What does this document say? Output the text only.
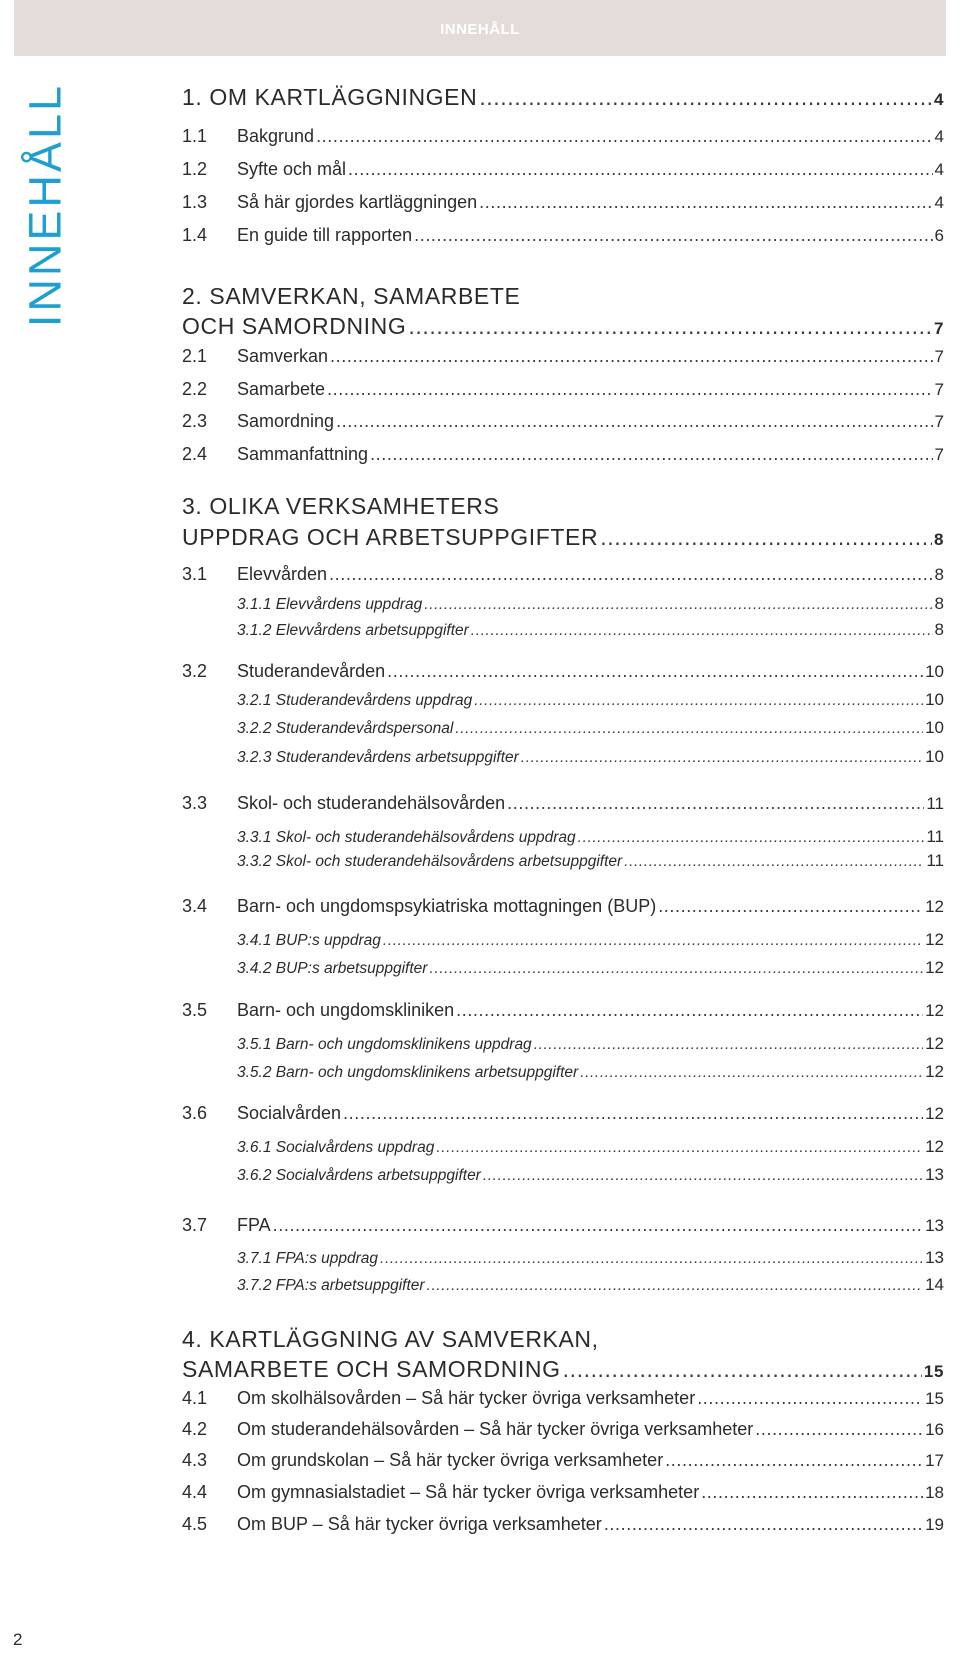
INNEHÅLL
INNEHÅLL
2
1. OM KARTLÄGGNINGEN .....	4
1.1	Bakgrund .....	4
1.2	Syfte och mål .....	4
1.3	Så här gjordes kartläggningen .....	4
1.4	En guide till rapporten .....	6
2. SAMVERKAN, SAMARBETE
OCH SAMORDNING .....	7
2.1	Samverkan .....	7
2.2	Samarbete .....	7
2.3	Samordning .....	7
2.4	Sammanfattning .....	7
3. OLIKA VERKSAMHETERS
UPPDRAG OCH ARBETSUPPGIFTER .....	8
3.1	Elevvården .....	8
3.1.1 Elevvårdens uppdrag .....	8
3.1.2 Elevvårdens arbetsuppgifter .....	8
3.2	Studerandevården .....	10
3.2.1 Studerandevårdens uppdrag .....	10
3.2.2 Studerandevårdspersonal .....	10
3.2.3 Studerandevårdens arbetsuppgifter .....	10
3.3	Skol- och studerandehälsovården .....	11
3.3.1 Skol- och studerandehälsovårdens uppdrag .....	11
3.3.2 Skol- och studerandehälsovårdens arbetsuppgifter .....	11
3.4	Barn- och ungdomspsykiatriska mottagningen (BUP) .....	12
3.4.1 BUP:s uppdrag .....	12
3.4.2 BUP:s arbetsuppgifter .....	12
3.5	Barn- och ungdomskliniken .....	12
3.5.1 Barn- och ungdomsklinikens uppdrag .....	12
3.5.2 Barn- och ungdomsklinikens arbetsuppgifter .....	12
3.6	Socialvården .....	12
3.6.1 Socialvårdens uppdrag .....	12
3.6.2 Socialvårdens arbetsuppgifter .....	13
3.7	FPA .....	13
3.7.1 FPA:s uppdrag .....	13
3.7.2 FPA:s arbetsuppgifter .....	14
4. KARTLÄGGNING AV SAMVERKAN,
SAMARBETE OCH SAMORDNING .....	15
4.1	Om skolhälsovården – Så här tycker övriga verksamheter .....	15
4.2	Om studerandehälsovården – Så här tycker övriga verksamheter .....	16
4.3	Om grundskolan – Så här tycker övriga verksamheter .....	17
4.4	Om gymnasialstadiet – Så här tycker övriga verksamheter .....	18
4.5	Om BUP – Så här tycker övriga verksamheter .....	19
